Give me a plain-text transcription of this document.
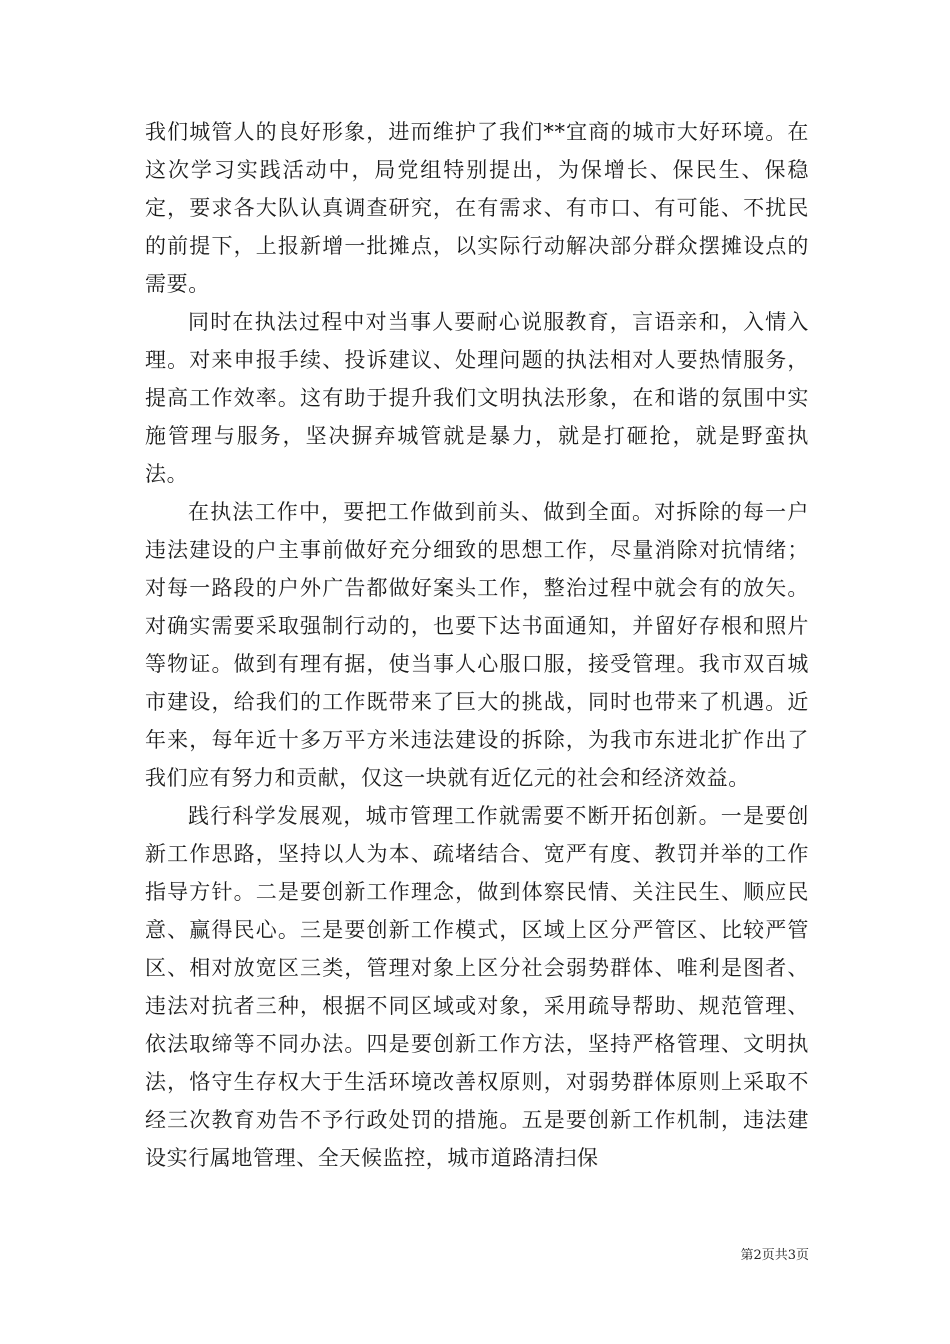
我们城管人的良好形象，进而维护了我们**宜商的城市大好环境。在这次学习实践活动中，局党组特别提出，为保增长、保民生、保稳定，要求各大队认真调查研究，在有需求、有市口、有可能、不扰民的前提下，上报新增一批摊点，以实际行动解决部分群众摆摊设点的需要。

同时在执法过程中对当事人要耐心说服教育，言语亲和，入情入理。对来申报手续、投诉建议、处理问题的执法相对人要热情服务，提高工作效率。这有助于提升我们文明执法形象，在和谐的氛围中实施管理与服务，坚决摒弃城管就是暴力，就是打砸抢，就是野蛮执法。

在执法工作中，要把工作做到前头、做到全面。对拆除的每一户违法建设的户主事前做好充分细致的思想工作，尽量消除对抗情绪；对每一路段的户外广告都做好案头工作，整治过程中就会有的放矢。对确实需要采取强制行动的，也要下达书面通知，并留好存根和照片等物证。做到有理有据，使当事人心服口服，接受管理。我市双百城市建设，给我们的工作既带来了巨大的挑战，同时也带来了机遇。近年来，每年近十多万平方米违法建设的拆除，为我市东进北扩作出了我们应有努力和贡献，仅这一块就有近亿元的社会和经济效益。

践行科学发展观，城市管理工作就需要不断开拓创新。一是要创新工作思路，坚持以人为本、疏堵结合、宽严有度、教罚并举的工作指导方针。二是要创新工作理念，做到体察民情、关注民生、顺应民意、赢得民心。三是要创新工作模式，区域上区分严管区、比较严管区、相对放宽区三类，管理对象上区分社会弱势群体、唯利是图者、违法对抗者三种，根据不同区域或对象，采用疏导帮助、规范管理、依法取缔等不同办法。四是要创新工作方法，坚持严格管理、文明执法，恪守生存权大于生活环境改善权原则，对弱势群体原则上采取不经三次教育劝告不予行政处罚的措施。五是要创新工作机制，违法建设实行属地管理、全天候监控，城市道路清扫保

第2页共3页
